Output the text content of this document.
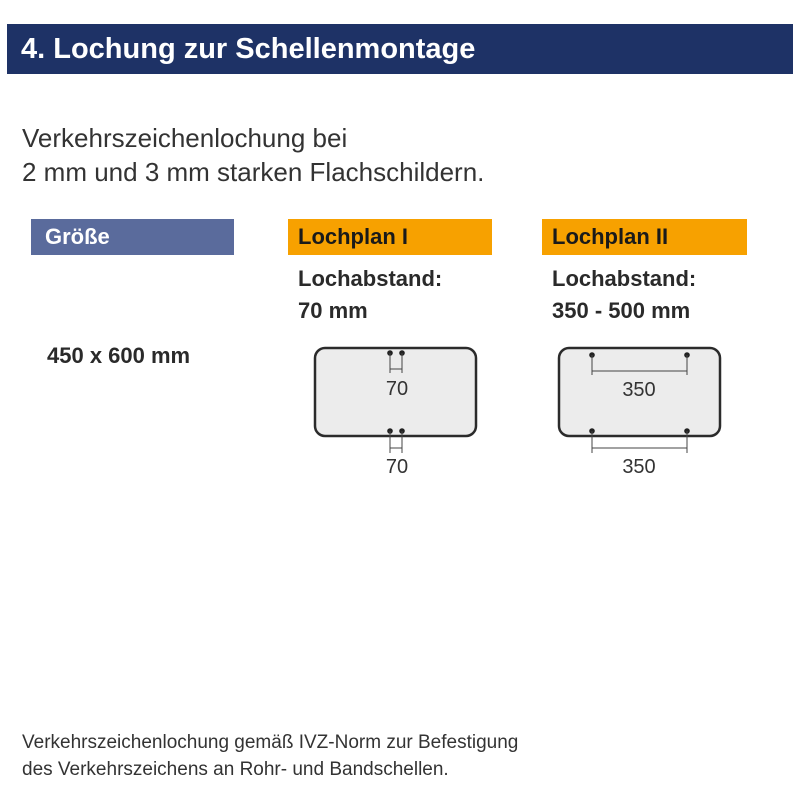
4. Lochung zur Schellenmontage
Verkehrszeichenlochung bei
2 mm und 3 mm starken Flachschildern.
Größe	Lochplan I	Lochplan II
Lochabstand:
70 mm
Lochabstand:
350 - 500 mm
450 x 600 mm
70
70
350
350
Verkehrszeichenlochung gemäß IVZ-Norm zur Befestigung
des Verkehrszeichens an Rohr- und Bandschellen.
